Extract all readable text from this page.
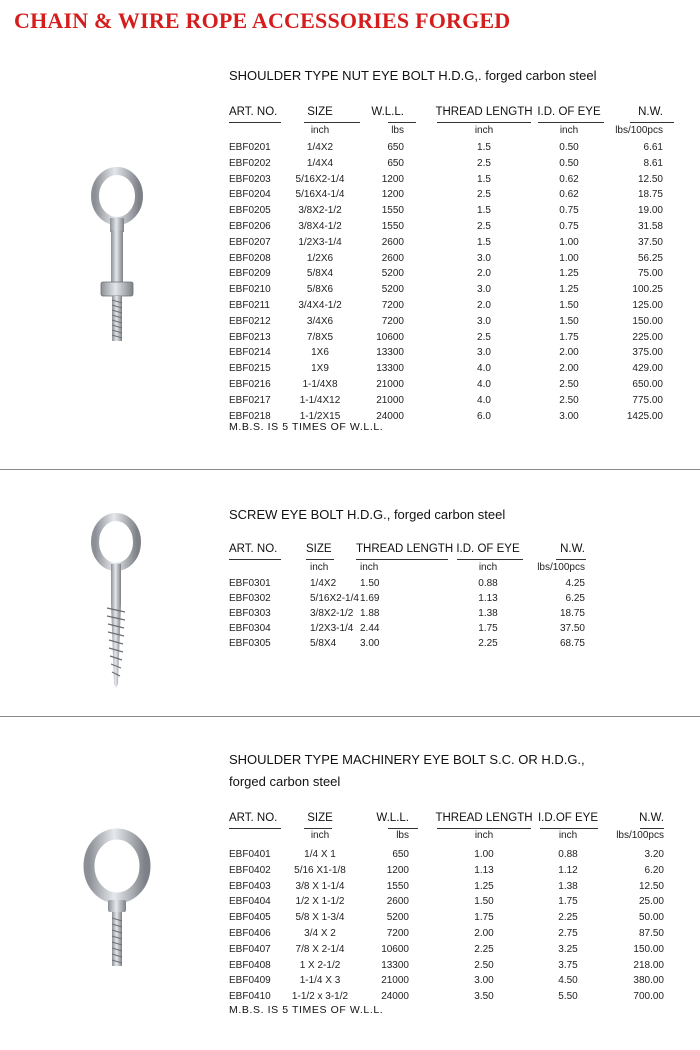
CHAIN & WIRE ROPE ACCESSORIES FORGED
SHOULDER TYPE NUT EYE BOLT H.D.G,. forged carbon steel
ART. NO.	SIZE	W.L.L.	THREAD LENGTH I.D. OF EYE	N.W.
inch	lbs	inch	inch	lbs/100pcs
EBF0201	1/4X2	650	1.5	0.50	6.61
EBF0202	1/4X4	650	2.5	0.50	8.61
EBF0203	5/16X2-1/4	1200	1.5	0.62	12.50
EBF0204	5/16X4-1/4	1200	2.5	0.62	18.75
EBF0205	3/8X2-1/2	1550	1.5	0.75	19.00
EBF0206	3/8X4-1/2	1550	2.5	0.75	31.58
EBF0207	1/2X3-1/4	2600	1.5	1.00	37.50
EBF0208	1/2X6	2600	3.0	1.00	56.25
EBF0209	5/8X4	5200	2.0	1.25	75.00
EBF0210	5/8X6	5200	3.0	1.25	100.25
EBF0211	3/4X4-1/2	7200	2.0	1.50	125.00
EBF0212	3/4X6	7200	3.0	1.50	150.00
EBF0213	7/8X5	10600	2.5	1.75	225.00
EBF0214	1X6	13300	3.0	2.00	375.00
EBF0215	1X9	13300	4.0	2.00	429.00
EBF0216	1-1/4X8	21000	4.0	2.50	650.00
EBF0217	1-1/4X12	21000	4.0	2.50	775.00
EBF0218	1-1/2X15	24000	6.0	3.00	1425.00
M.B.S. IS 5 TIMES OF W.L.L.
SCREW EYE BOLT H.D.G., forged carbon steel
ART. NO. SIZE THREAD LENGTH I.D. OF EYE	N.W.
inch	inch	inch	lbs/100pcs
EBF0301	1/4X2 1.50	0.88	4.25
EBF0302	5/16X2-1/4 1.69	1.13	6.25
EBF0303	3/8X2-1/2 1.88	1.38	18.75
EBF0304	1/2X3-1/4 2.44	1.75	37.50
EBF0305	5/8X4 3.00	2.25	68.75
SHOULDER TYPE MACHINERY EYE BOLT S.C. OR H.D.G.,
forged carbon steel
ART. NO.	SIZE	W.L.L.	THREAD LENGTH I.D.OF EYE	N.W.
inch	lbs	inch	inch	lbs/100pcs
EBF0401	1/4 X 1	650	1.00	0.88	3.20
EBF0402	5/16 X1-1/8	1200	1.13	1.12	6.20
EBF0403	3/8 X 1-1/4	1550	1.25	1.38	12.50
EBF0404	1/2 X 1-1/2	2600	1.50	1.75	25.00
EBF0405	5/8 X 1-3/4	5200	1.75	2.25	50.00
EBF0406	3/4 X 2	7200	2.00	2.75	87.50
EBF0407	7/8 X 2-1/4	10600	2.25	3.25	150.00
EBF0408	1 X 2-1/2	13300	2.50	3.75	218.00
EBF0409	1-1/4 X 3	21000	3.00	4.50	380.00
EBF0410	1-1/2 x 3-1/2	24000	3.50	5.50	700.00
M.B.S. IS 5 TIMES OF W.L.L.
